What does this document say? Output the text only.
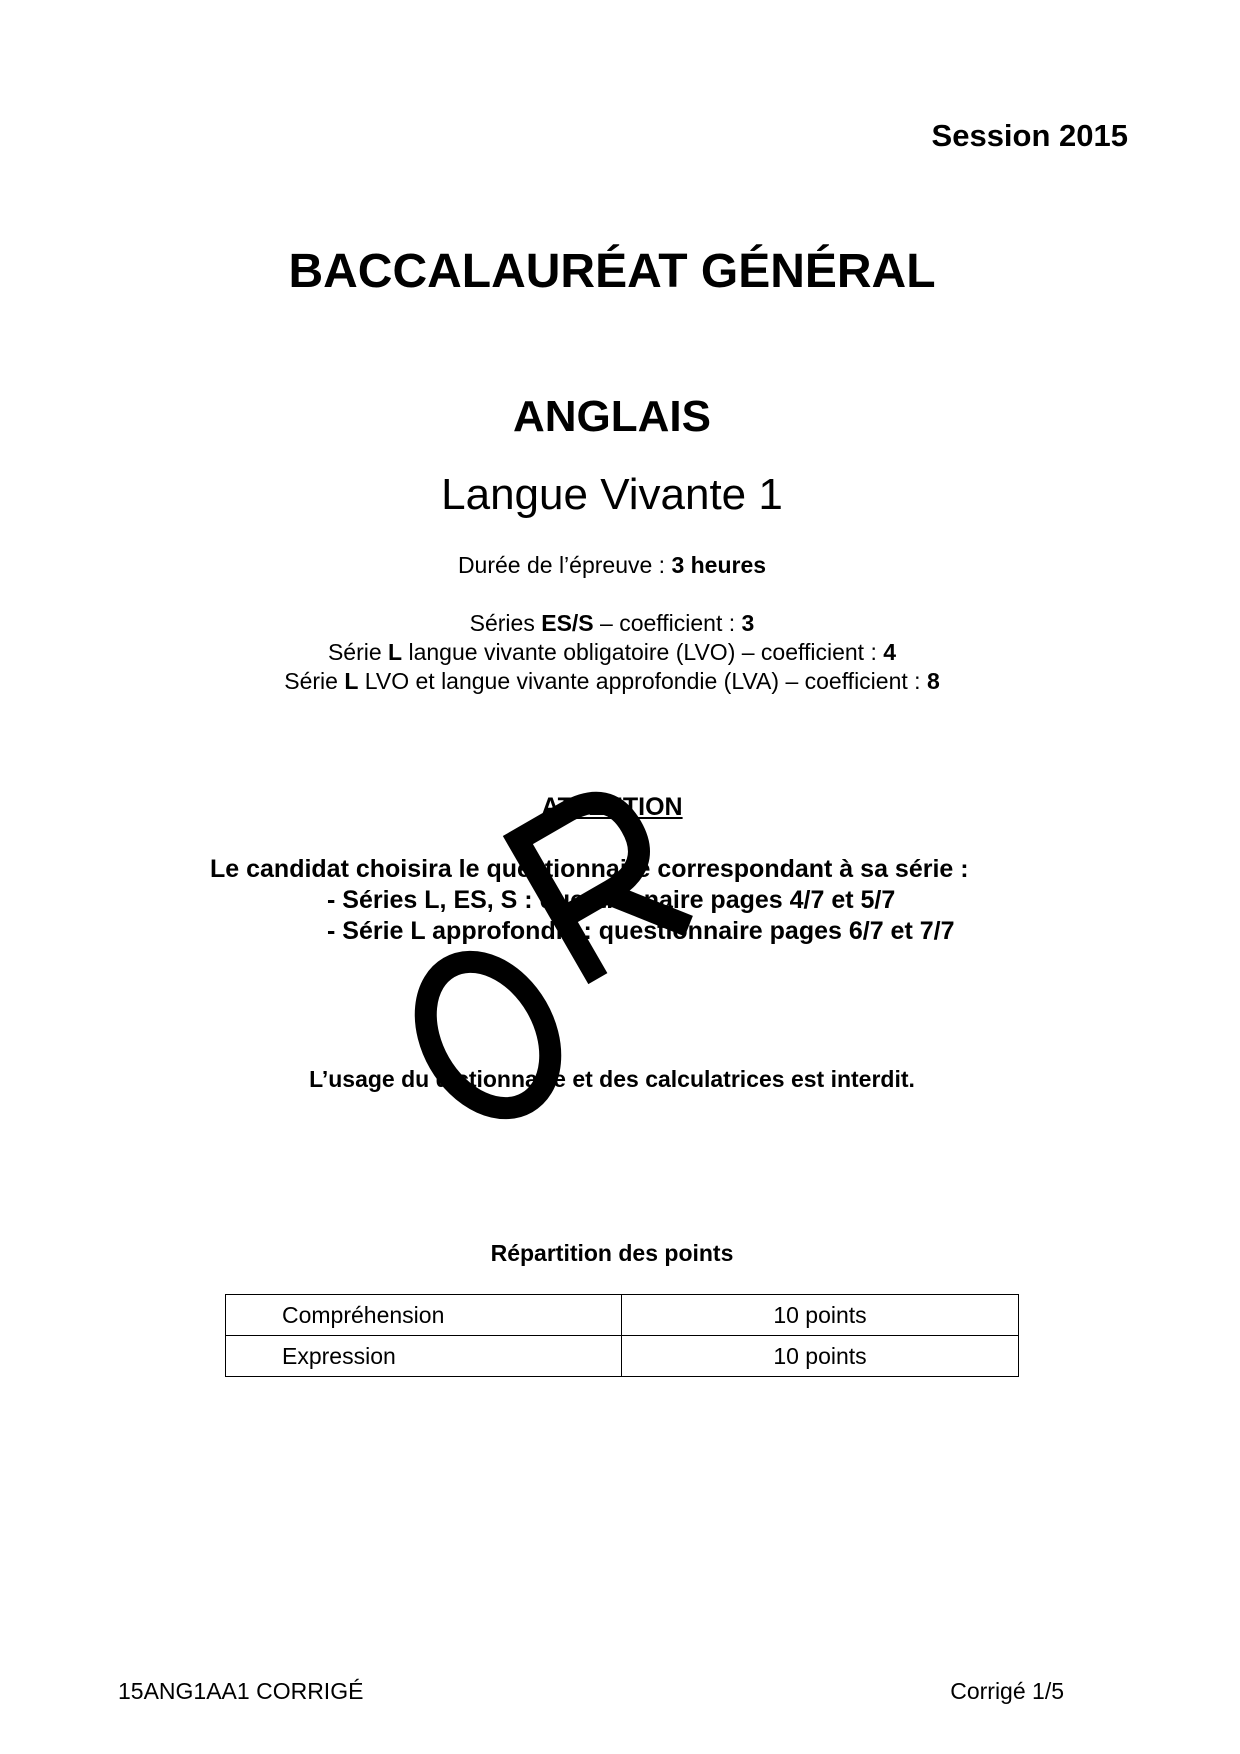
Session 2015
BACCALAURÉAT GÉNÉRAL
ANGLAIS
Langue Vivante 1
Durée de l’épreuve : 3 heures
Séries ES/S – coefficient : 3
Série L langue vivante obligatoire (LVO) – coefficient : 4
Série L LVO et langue vivante approfondie (LVA) – coefficient : 8
ATTENTION
Le candidat choisira le questionnaire correspondant à sa série :
- Séries L, ES, S : questionnaire pages 4/7 et 5/7
- Série L approfondie : questionnaire pages 6/7 et 7/7
L’usage du dictionnaire et des calculatrices est interdit.
Répartition des points
Compréhension	10 points
Expression	10 points
15ANG1AA1 CORRIGÉ	Corrigé 1/5
